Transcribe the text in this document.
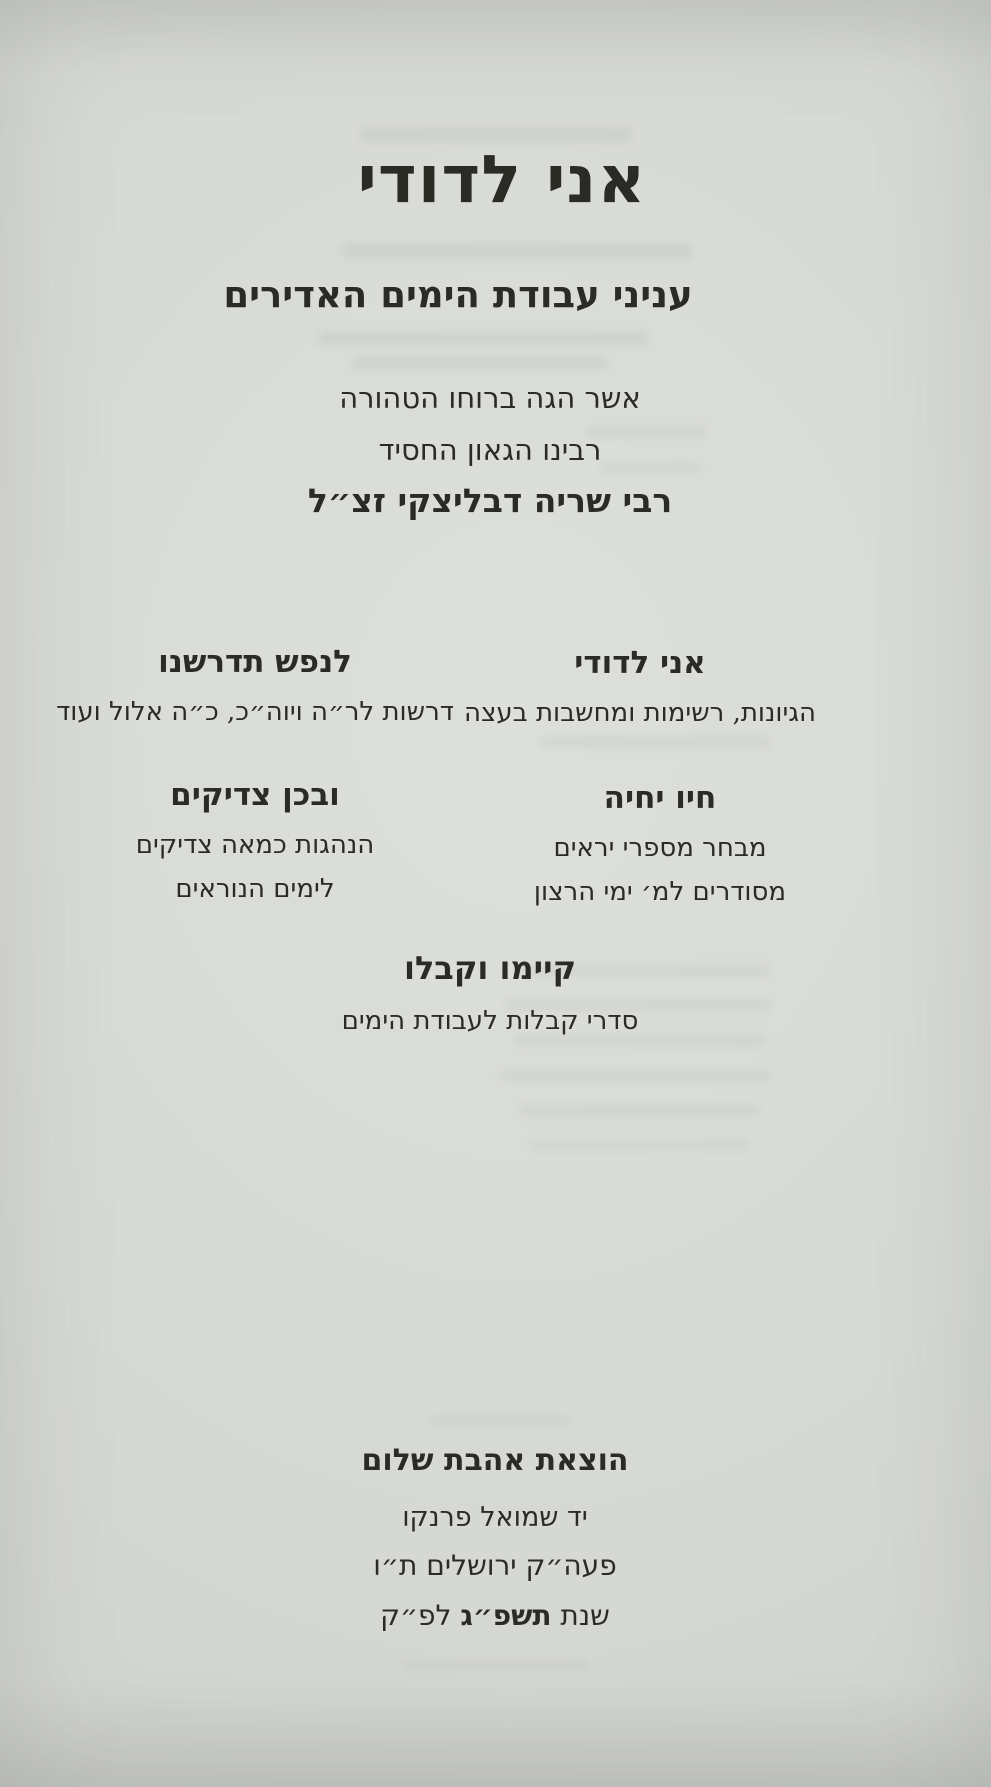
אני לדודי
עניני עבודת הימים האדירים
אשר הגה ברוחו הטהורה
רבינו הגאון החסיד
רבי שריה דבליצקי זצ״ל
אני לדודי
הגיונות, רשימות ומחשבות בעצה
לנפש תדרשנו
דרשות לר״ה ויוה״כ, כ״ה אלול ועוד
חיו יחיה
מבחר מספרי יראים
מסודרים למ׳ ימי הרצון
ובכן צדיקים
הנהגות כמאה צדיקים
לימים הנוראים
קיימו וקבלו
סדרי קבלות לעבודת הימים
הוצאת אהבת שלום
יד שמואל פרנקו
פעה״ק ירושלים ת״ו
שנת תשפ״ג לפ״ק
